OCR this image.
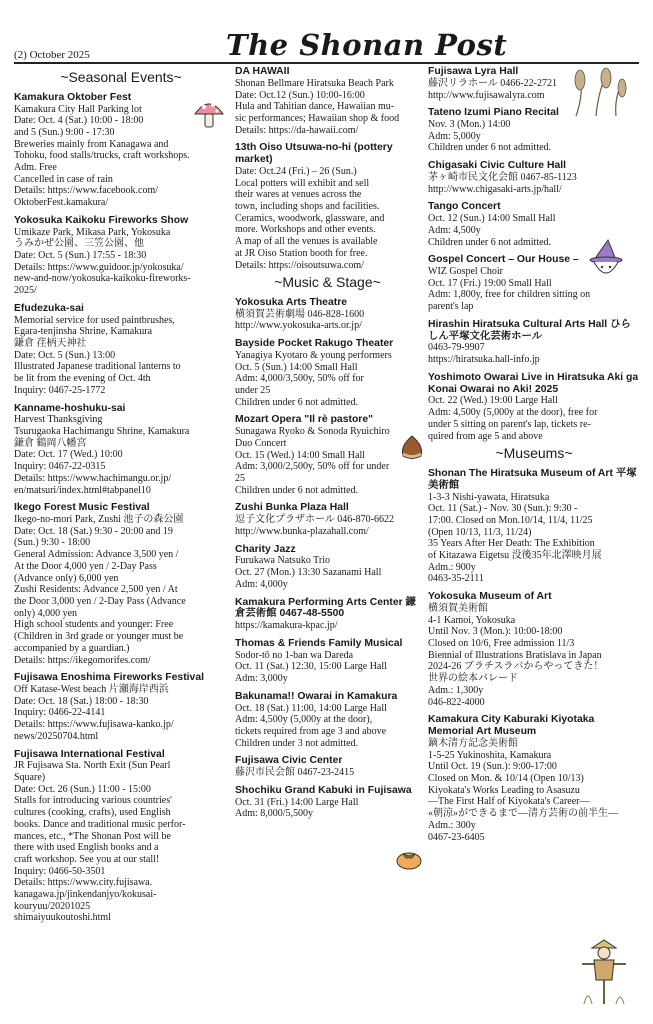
(2) October 2025	The Shonan Post
~Seasonal Events~
Kamakura Oktober Fest

Kamakura City Hall Parking lot

Date: Oct. 4 (Sat.) 10:00 - 18:00

and 5 (Sun.) 9:00 - 17:30

Breweries mainly from Kanagawa and

Tohoku, food stalls/trucks, craft workshops.

Adm. Free

Cancelled in case of rain

Details: https://www.facebook.com/

OktoberFest.kamakura/

Yokosuka Kaikoku Fireworks Show

Umikaze Park, Mikasa Park, Yokosuka

うみかぜ公園、三笠公園、他

Date: Oct. 5 (Sun.) 17:55 - 18:30

Details: https://www.guidoor.jp/yokosuka/

new-and-now/yokosuka-kaikoku-fireworks-

2025/

Efudezuka-sai

Memorial service for used paintbrushes,

Egara-tenjinsha Shrine, Kamakura

鎌倉 荏柄天神社

Date: Oct. 5 (Sun.) 13:00

Illustrated Japanese traditional lanterns to

be lit from the evening of Oct. 4th

Inquiry: 0467-25-1772

Kanname-hoshuku-sai

Harvest Thanksgiving

Tsurugaoka Hachimangu Shrine, Kamakura

鎌倉 鶴岡八幡宮

Date: Oct. 17 (Wed.) 10:00

Inquiry: 0467-22-0315

Details: https://www.hachimangu.or.jp/

en/matsuri/index.html#tabpanel10

Ikego Forest Music Festival

Ikego-no-mori Park, Zushi 池子の森公園

Date: Oct. 18 (Sat.) 9:30 - 20:00 and 19

(Sun.) 9:30 - 18:00

General Admission: Advance 3,500 yen /

At the Door 4,000 yen / 2-Day Pass

(Advance only) 6,000 yen

Zushi Residents: Advance 2,500 yen / At

the Door 3,000 yen / 2-Day Pass (Advance

only) 4,000 yen

High school students and younger: Free

(Children in 3rd grade or younger must be

accompanied by a guardian.)

Details: https://ikegomorifes.com/

Fujisawa Enoshima Fireworks Festival

Off Katase-West beach 片瀬海岸西浜

Date: Oct. 18 (Sat.) 18:00 - 18:30

Inquiry: 0466-22-4141

Details: https://www.fujisawa-kanko.jp/

news/20250704.html

Fujisawa International Festival

JR Fujisawa Sta. North Exit (Sun Pearl

Square)

Date: Oct. 26 (Sun.) 11:00 - 15:00

Stalls for introducing various countries'

cultures (cooking, crafts), used English

books. Dance and traditional music perfor-

mances, etc., *The Shonan Post will be

there with used English books and a

craft workshop. See you at our stall!

Inquiry: 0466-50-3501

Details: https://www.city.fujisawa.

kanagawa.jp/jinkendanjyo/kokusai-

kouryuu/20201025

shimaiyuukoutoshi.html

DA HAWAII

Shonan Bellmare Hiratsuka Beach Park

Date: Oct.12 (Sun.) 10:00-16:00

Hula and Tahitian dance, Hawaiian mu-

sic performances; Hawaiian shop & food

Details: https://da-hawaii.com/

13th Oiso Utsuwa-no-hi (pottery market)

Date: Oct.24 (Fri.) – 26 (Sun.)

Local potters will exhibit and sell

their wares at venues across the

town, including shops and facilities.

Ceramics, woodwork, glassware, and

more. Workshops and other events.

A map of all the venues is available

at JR Oiso Station booth for free.

Details: https://oisoutsuwa.com/

~Music & Stage~
Yokosuka Arts Theatre

横須賀芸術劇場 046-828-1600

http://www.yokosuka-arts.or.jp/

Bayside Pocket Rakugo Theater

Yanagiya Kyotaro & young performers

Oct. 5 (Sun.) 14:00 Small Hall

Adm: 4,000/3,500y, 50% off for

under 25

Children under 6 not admitted.

Mozart Opera "Il rè pastore"

Sunagawa Ryoko & Sonoda Ryuichiro

Duo Concert

Oct. 15 (Wed.) 14:00 Small Hall

Adm: 3,000/2,500y, 50% off for under

25

Children under 6 not admitted.

Zushi Bunka Plaza Hall

逗子文化プラザホール 046-870-6622

http://www.bunka-plazahall.com/

Charity Jazz

Furukawa Natsuko Trio

Oct. 27 (Mon.) 13:30 Sazanami Hall

Adm: 4,000y

Kamakura Performing Arts Center 鎌倉芸術館 0467-48-5500

https://kamakura-kpac.jp/

Thomas & Friends Family Musical

Sodor-tō no 1-ban wa Dareda

Oct. 11 (Sat.) 12:30, 15:00 Large Hall

Adm: 3,000y

Bakunama!! Owarai in Kamakura

Oct. 18 (Sat.) 11:00, 14:00 Large Hall

Adm: 4,500y (5,000y at the door),

tickets required from age 3 and above

Children under 3 not admitted.

Fujisawa Civic Center

藤沢市民会館 0467-23-2415

Shochiku Grand Kabuki in Fujisawa

Oct. 31 (Fri.) 14:00 Large Hall

Adm: 8,000/5,500y

Fujisawa Lyra Hall

藤沢リラホール 0466-22-2721

http://www.fujisawalyra.com

Tateno Izumi Piano Recital

Nov. 3 (Mon.) 14:00

Adm: 5,000y

Children under 6 not admitted.

Chigasaki Civic Culture Hall

茅ヶ崎市民文化会館 0467-85-1123

http://www.chigasaki-arts.jp/hall/

Tango Concert

Oct. 12 (Sun.) 14:00 Small Hall

Adm: 4,500y

Children under 6 not admitted.

Gospel Concert – Our House –

WIZ Gospel Choir

Oct. 17 (Fri.) 19:00 Small Hall

Adm: 1,800y, free for children sitting on

parent's lap

Hirashin Hiratsuka Cultural Arts Hall ひらしん平塚文化芸術ホール

0463-79-9907

https://hiratsuka.hall-info.jp

Yoshimoto Owarai Live in Hiratsuka Aki ga Konai Owarai no Aki! 2025

Oct. 22 (Wed.) 19:00 Large Hall

Adm: 4,500y (5,000y at the door), free for

under 5 sitting on parent's lap, tickets re-

quired from age 5 and above

~Museums~
Shonan The Hiratsuka Museum of Art 平塚美術館

1-3-3 Nishi-yawata, Hiratsuka

Oct. 11 (Sat.) - Nov. 30 (Sun.): 9:30 -

17:00. Closed on Mon.10/14, 11/4, 11/25

(Open 10/13, 11/3, 11/24)

35 Years After Her Death: The Exhibition

of Kitazawa Eigetsu 没後35年北澤映月展

Adm.: 900y

0463-35-2111

Yokosuka Museum of Art

横須賀美術館

4-1 Kamoi, Yokosuka

Until Nov. 3 (Mon.): 10:00-18:00

Closed on 10/6, Free admission 11/3

Biennial of Illustrations Bratislava in Japan

2024-26 ブラチスラバからやってきた！

世界の絵本パレード

Adm.: 1,300y

046-822-4000

Kamakura City Kaburaki Kiyotaka Memorial Art Museum

鏑木清方記念美術館

1-5-25 Yukinoshita, Kamakura

Until Oct. 19 (Sun.): 9:00-17:00

Closed on Mon. & 10/14 (Open 10/13)

Kiyokata's Works Leading to Asasuzu

—The First Half of Kiyokata's Career—

«朝涼»ができるまで—清方芸術の前半生—

Adm.: 300y

0467-23-6405
